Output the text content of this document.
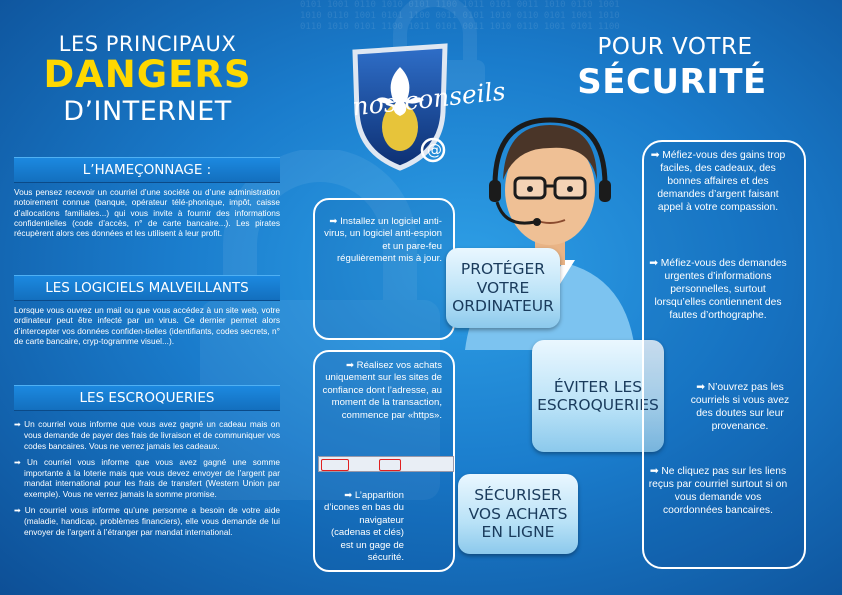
0101 1001 0110 1010 0101 1100 1011 0101 0011 1010 0110 1001
1010 0110 1001 0101 1100 0011 0101 1010 0110 0101 1001 1010
0110 1010 0101 1100 1011 0101 0011 1010 0110 1001 0101 1100
LES PRINCIPAUX
DANGERS
D’INTERNET
POUR VOTRE
SÉCURITÉ
@
nos conseils
L’HAMEÇONNAGE :
Vous pensez recevoir un courriel d’une société ou d’une administration notoirement connue (banque, opérateur télé-phonique, impôt, caisse d’allocations familiales...) qui vous invite à fournir des informations confidentielles (code d’accès, n° de carte bancaire...). Les pirates récupèrent alors ces données et les utilisent à leur profit.
LES LOGICIELS MALVEILLANTS
Lorsque vous ouvrez un mail ou que vous accédez à un site web, votre ordinateur peut être infecté par un virus. Ce dernier permet alors d’intercepter vos données confiden-tielles (identifiants, codes secrets, n° de carte bancaire, cryp-togramme visuel...).
LES ESCROQUERIES
➡ Un courriel vous informe que vous avez gagné un cadeau mais on vous demande de payer des frais de livraison et de communiquer vos codes bancaires. Vous ne verrez jamais les cadeaux.
➡ Un courriel vous informe que vous avez gagné une somme importante à la loterie mais que vous devez envoyer de l’argent par mandat international pour les frais de transfert (Western Union par exemple). Vous ne verrez jamais la somme promise.
➡ Un courriel vous informe qu’une personne a besoin de votre aide (maladie, handicap, problèmes financiers), elle vous demande de lui envoyer de l’argent à l’étranger par mandat international.
➡ Installez un logiciel anti-virus, un logiciel anti-espion et un pare-feu régulièrement mis à jour.
PROTÉGER VOTRE ORDINATEUR
➡ Réalisez vos achats uniquement sur les sites de confiance dont l’adresse, au moment de la transaction, commence par «https».
➡ L’apparition d’icones en bas du navigateur (cadenas et clés) est un gage de sécurité.
SÉCURISER VOS ACHATS EN LIGNE
ÉVITER LES ESCROQUERIES
➡ Méfiez-vous des gains trop faciles, des cadeaux, des bonnes affaires et des demandes d’argent faisant appel à votre compassion.
➡ Méfiez-vous des demandes urgentes d’informations personnelles, surtout lorsqu’elles contiennent des fautes d’orthographe.
➡ N’ouvrez pas les courriels si vous avez des doutes sur leur provenance.
➡ Ne cliquez pas sur les liens reçus par courriel surtout si on vous demande vos coordonnées bancaires.
